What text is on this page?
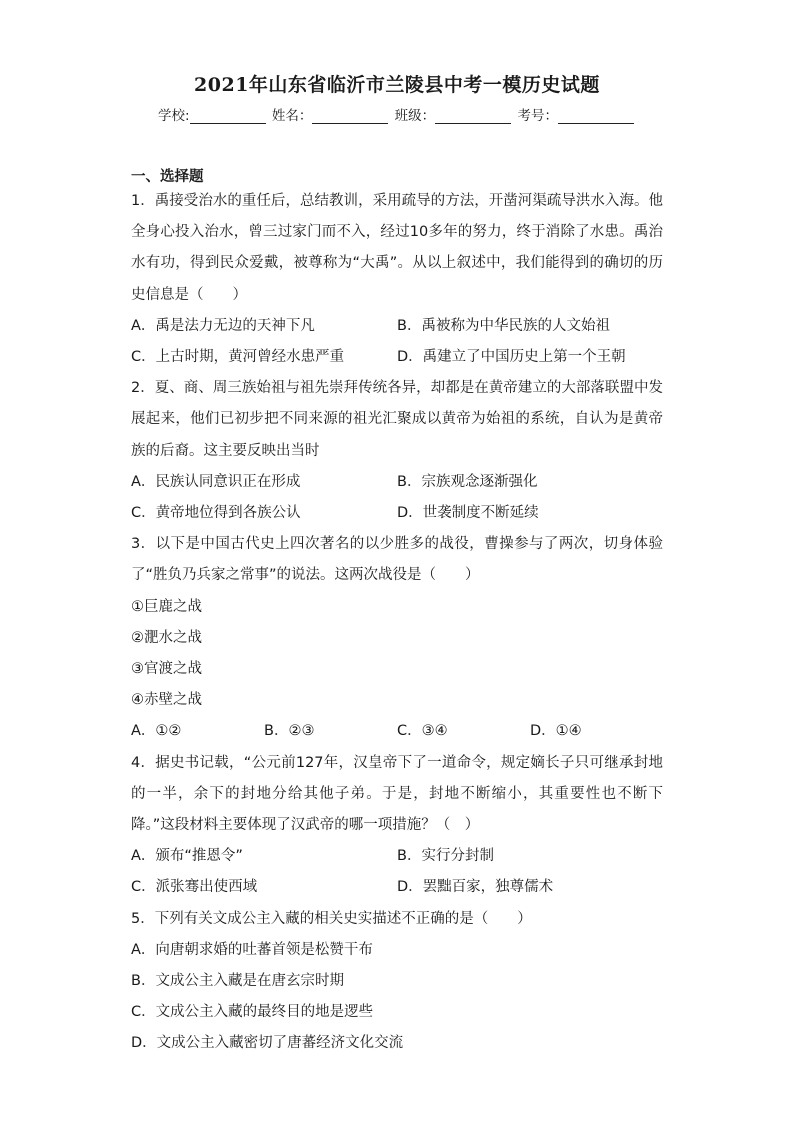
2021年山东省临沂市兰陵县中考一模历史试题
学校:	姓名：	班级：	考号：
一、选择题
1．禹接受治水的重任后，总结教训，采用疏导的方法，开凿河渠疏导洪水入海。他全身心投入治水，曾三过家门而不入，经过10多年的努力，终于消除了水患。禹治水有功，得到民众爱戴，被尊称为“大禹”。从以上叙述中，我们能得到的确切的历史信息是（　　）
A．禹是法力无边的天神下凡	B．禹被称为中华民族的人文始祖
C．上古时期，黄河曾经水患严重	D．禹建立了中国历史上第一个王朝
2．夏、商、周三族始祖与祖先崇拜传统各异，却都是在黄帝建立的大部落联盟中发展起来，他们已初步把不同来源的祖光汇聚成以黄帝为始祖的系统，自认为是黄帝族的后裔。这主要反映出当时
A．民族认同意识正在形成	B．宗族观念逐渐强化
C．黄帝地位得到各族公认	D．世袭制度不断延续
3．以下是中国古代史上四次著名的以少胜多的战役，曹操参与了两次，切身体验了“胜负乃兵家之常事”的说法。这两次战役是（　　）
①巨鹿之战
②淝水之战
③官渡之战
④赤壁之战
A．①②	B．②③	C．③④	D．①④
4．据史书记载，“公元前127年，汉皇帝下了一道命令，规定嫡长子只可继承封地的一半，余下的封地分给其他子弟。于是，封地不断缩小，其重要性也不断下降。”这段材料主要体现了汉武帝的哪一项措施？（　）
A．颁布“推恩令”	B．实行分封制
C．派张骞出使西域	D．罢黜百家，独尊儒术
5．下列有关文成公主入藏的相关史实描述不正确的是（　　）
A．向唐朝求婚的吐蕃首领是松赞干布
B．文成公主入藏是在唐玄宗时期
C．文成公主入藏的最终目的地是逻些
D．文成公主入藏密切了唐蕃经济文化交流
